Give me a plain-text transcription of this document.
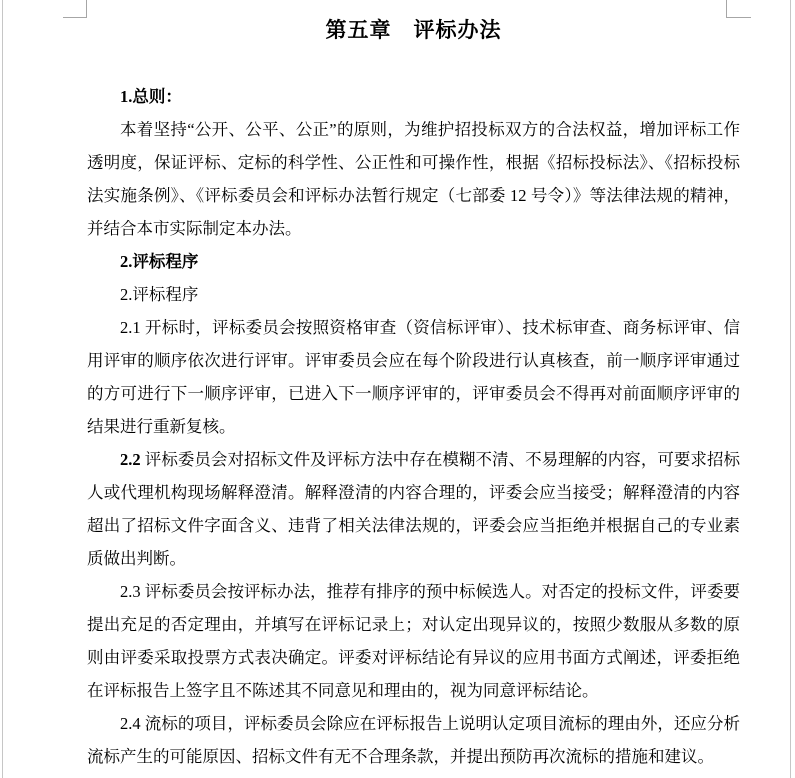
第五章　评标办法

1.总则：

本着坚持“公开、公平、公正”的原则，为维护招投标双方的合法权益，增加评标工作透明度，保证评标、定标的科学性、公正性和可操作性，根据《招标投标法》、《招标投标法实施条例》、《评标委员会和评标办法暂行规定（七部委 12 号令）》等法律法规的精神，并结合本市实际制定本办法。

2.评标程序

2.评标程序

2.1 开标时，评标委员会按照资格审查（资信标评审）、技术标审查、商务标评审、信用评审的顺序依次进行评审。评审委员会应在每个阶段进行认真核查，前一顺序评审通过的方可进行下一顺序评审，已进入下一顺序评审的，评审委员会不得再对前面顺序评审的结果进行重新复核。

2.2 评标委员会对招标文件及评标方法中存在模糊不清、不易理解的内容，可要求招标人或代理机构现场解释澄清。解释澄清的内容合理的，评委会应当接受；解释澄清的内容超出了招标文件字面含义、违背了相关法律法规的，评委会应当拒绝并根据自己的专业素质做出判断。

2.3 评标委员会按评标办法，推荐有排序的预中标候选人。对否定的投标文件，评委要提出充足的否定理由，并填写在评标记录上；对认定出现异议的，按照少数服从多数的原则由评委采取投票方式表决确定。评委对评标结论有异议的应用书面方式阐述，评委拒绝在评标报告上签字且不陈述其不同意见和理由的，视为同意评标结论。

2.4 流标的项目，评标委员会除应在评标报告上说明认定项目流标的理由外，还应分析流标产生的可能原因、招标文件有无不合理条款，并提出预防再次流标的措施和建议。
